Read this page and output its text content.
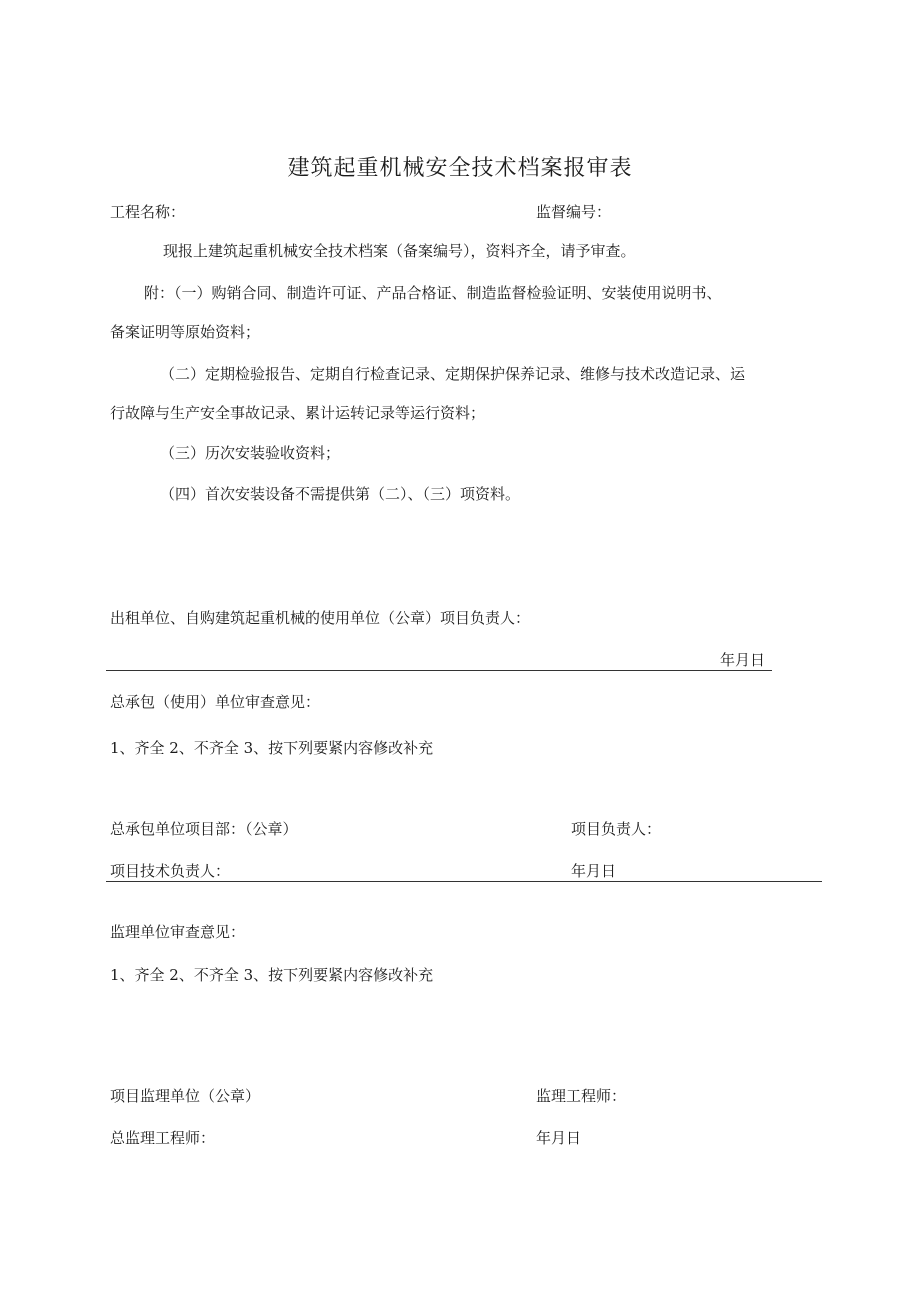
建筑起重机械安全技术档案报审表
工程名称：	监督编号：
现报上建筑起重机械安全技术档案（备案编号），资料齐全，请予审查。
附：（一）购销合同、制造许可证、产品合格证、制造监督检验证明、安装使用说明书、
备案证明等原始资料；
（二）定期检验报告、定期自行检查记录、定期保护保养记录、维修与技术改造记录、运
行故障与生产安全事故记录、累计运转记录等运行资料；
（三）历次安装验收资料；
（四）首次安装设备不需提供第（二）、（三）项资料。
出租单位、自购建筑起重机械的使用单位（公章）项目负责人：
年月日
总承包（使用）单位审查意见：
1、齐全 2、不齐全 3、按下列要紧内容修改补充
总承包单位项目部：（公章）	项目负责人：
项目技术负责人：	年月日
监理单位审查意见：
1、齐全 2、不齐全 3、按下列要紧内容修改补充
项目监理单位（公章）	监理工程师：
总监理工程师：	年月日
